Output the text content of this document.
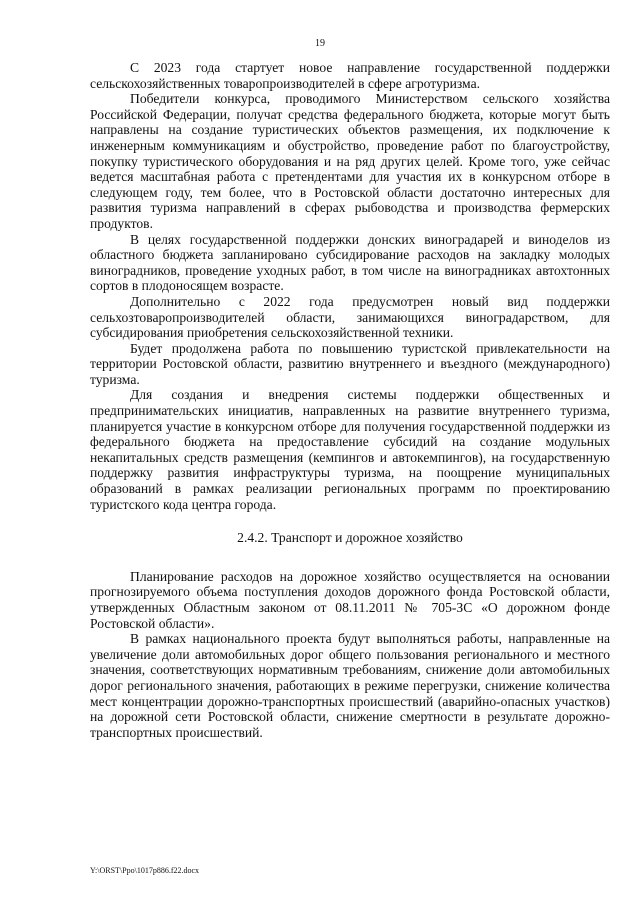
19

С 2023 года стартует новое направление государственной поддержки сельскохозяйственных товаропроизводителей в сфере агротуризма.

Победители конкурса, проводимого Министерством сельского хозяйства Российской Федерации, получат средства федерального бюджета, которые могут быть направлены на создание туристических объектов размещения, их подключение к инженерным коммуникациям и обустройство, проведение работ по благоустройству, покупку туристического оборудования и на ряд других целей. Кроме того, уже сейчас ведется масштабная работа с претендентами для участия их в конкурсном отборе в следующем году, тем более, что в Ростовской области достаточно интересных для развития туризма направлений в сферах рыбоводства и производства фермерских продуктов.

В целях государственной поддержки донских виноградарей и виноделов из областного бюджета запланировано субсидирование расходов на закладку молодых виноградников, проведение уходных работ, в том числе на виноградниках автохтонных сортов в плодоносящем возрасте.

Дополнительно с 2022 года предусмотрен новый вид поддержки сельхозтоваропроизводителей области, занимающихся виноградарством, для субсидирования приобретения сельскохозяйственной техники.

Будет продолжена работа по повышению туристской привлекательности на территории Ростовской области, развитию внутреннего и въездного (международного) туризма.

Для создания и внедрения системы поддержки общественных и предпринимательских инициатив, направленных на развитие внутреннего туризма, планируется участие в конкурсном отборе для получения государственной поддержки из федерального бюджета на предоставление субсидий на создание модульных некапитальных средств размещения (кемпингов и автокемпингов), на государственную поддержку развития инфраструктуры туризма, на поощрение муниципальных образований в рамках реализации региональных программ по проектированию туристского кода центра города.

2.4.2. Транспорт и дорожное хозяйство

Планирование расходов на дорожное хозяйство осуществляется на основании прогнозируемого объема поступления доходов дорожного фонда Ростовской области, утвержденных Областным законом от 08.11.2011 № 705-ЗС «О дорожном фонде Ростовской области».

В рамках национального проекта будут выполняться работы, направленные на увеличение доли автомобильных дорог общего пользования регионального и местного значения, соответствующих нормативным требованиям, снижение доли автомобильных дорог регионального значения, работающих в режиме перегрузки, снижение количества мест концентрации дорожно-транспортных происшествий (аварийно-опасных участков) на дорожной сети Ростовской области, снижение смертности в результате дорожно-транспортных происшествий.

Y:\ORST\Ppo\1017p886.f22.docx
